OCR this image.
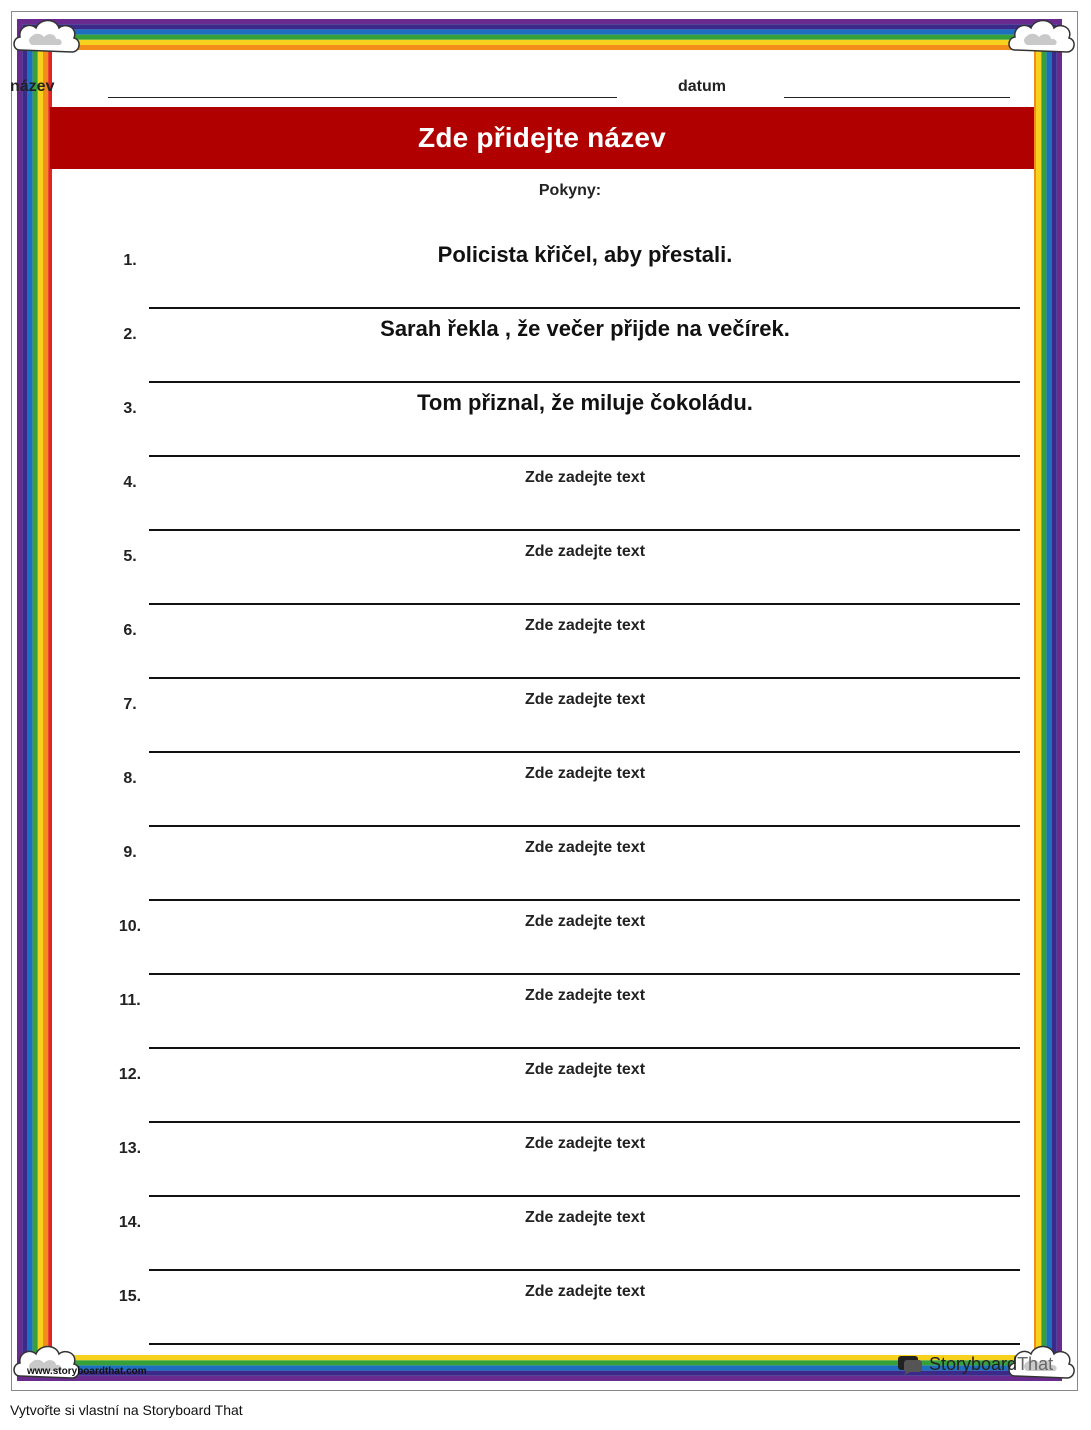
název	datum
Zde přidejte název
Pokyny:
1.	Policista křičel, aby přestali.
2.	Sarah řekla , že večer přijde na večírek.
3.	Tom přiznal, že miluje čokoládu.
4.	Zde zadejte text
5.	Zde zadejte text
6.	Zde zadejte text
7.	Zde zadejte text
8.	Zde zadejte text
9.	Zde zadejte text
10.	Zde zadejte text
11.	Zde zadejte text
12.	Zde zadejte text
13.	Zde zadejte text
14.	Zde zadejte text
15.	Zde zadejte text
www.storyboardthat.com	StoryboardThat
Vytvořte si vlastní na Storyboard That
